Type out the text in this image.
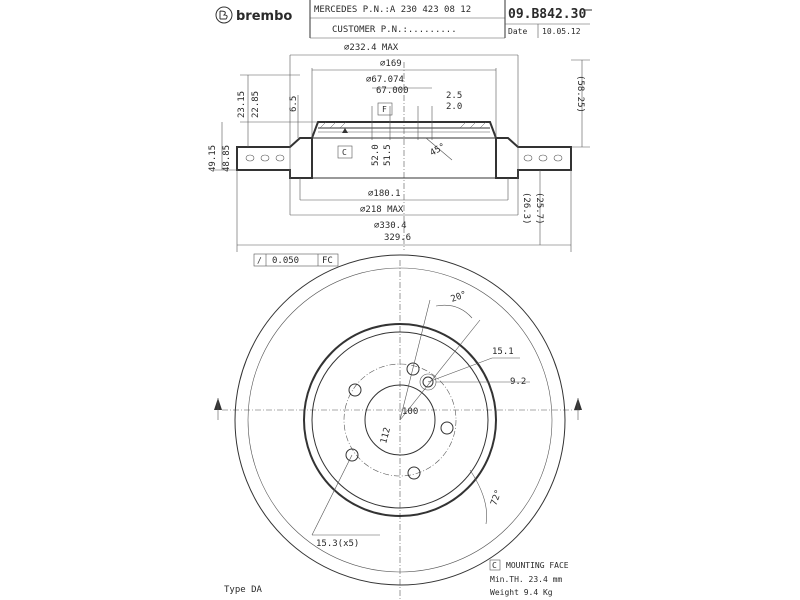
brembo MERCEDES P.N.:A 230 423 08 12
CUSTOMER P.N.:.........
09.B842.30
Date 10.05.12
∅232.4 MAX
∅169
∅67.074
67.000	2.5
2.0
F
C
6.5
23.15 22.85
49.15 48.85
(58.25)
52.0 51.5	45°
∅180.1
∅218 MAX
∅330.4
329.6
(26.3) (25.7)
∕ 0.050	FC
20°
15.1
9.2
100
112
72°
15.3(x5)
Type DA
C MOUNTING FACE
Min.TH. 23.4 mm
Weight 9.4 Kg
